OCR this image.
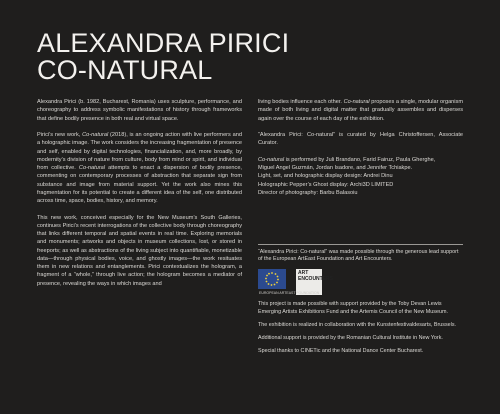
ALEXANDRA PIRICI
CO-NATURAL

Alexandra Pirici (b. 1982, Bucharest, Romania) uses sculpture, performance, and choreography to address symbolic manifestations of history through frameworks that define bodily presence in both real and virtual space.

Pirici’s new work, Co-natural (2018), is an ongoing action with live performers and a holographic image. The work considers the increasing fragmentation of presence and self, enabled by digital technologies, financialization, and, more broadly, by modernity’s division of nature from culture, body from mind or spirit, and individual from collective. Co-natural attempts to enact a dispersion of bodily presence, commenting on contemporary processes of abstraction that separate sign from substance and image from material support. Yet the work also mines this fragmentation for its potential to create a different idea of the self, one distributed across time, space, bodies, history, and memory.

This new work, conceived especially for the New Museum’s South Galleries, continues Pirici’s recent interrogations of the collective body through choreography that links different temporal and spatial events in real time. Exploring memorials and monuments; artworks and objects in museum collections, lost, or stored in freeports; as well as abstractions of the living subject into quantifiable, monetizable data—through physical bodies, voice, and ghostly images—the work resituates them in new relations and entanglements. Pirici contextualizes the hologram, a fragment of a “whole,” through live action; the hologram becomes a mediator of presence, revealing the ways in which images and

living bodies influence each other. Co-natural proposes a single, modular organism made of both living and digital matter that gradually assembles and disperses again over the course of each day of the exhibition.

“Alexandra Pirici: Co-natural” is curated by Helga Christoffersen, Associate Curator.

Co-natural is performed by Juli Brandano, Farid Fairuz, Paula Gherghe,

Miguel Angel Guzmán, Jordan Isadore, and Jennifer Tchiakpe.

Light, set, and holographic display design: Andrei Dinu

Holographic Pepper’s Ghost display: Archi3D LIMITED

Director of photography: Barbu Balasoiu

“Alexandra Pirici: Co-natural” was made possible through the generous lead support of the European ArtEast Foundation and Art Encounters.

EUROPEAN ARTEAST FOUNDATION
ART ENCOUNTERS

This project is made possible with support provided by the Toby Devan Lewis Emerging Artists Exhibitions Fund and the Artemis Council of the New Museum.

The exhibition is realized in collaboration with the Kunstenfestivaldesarts, Brussels.

Additional support is provided by the Romanian Cultural Institute in New York.

Special thanks to CINETic and the National Dance Center Bucharest.
